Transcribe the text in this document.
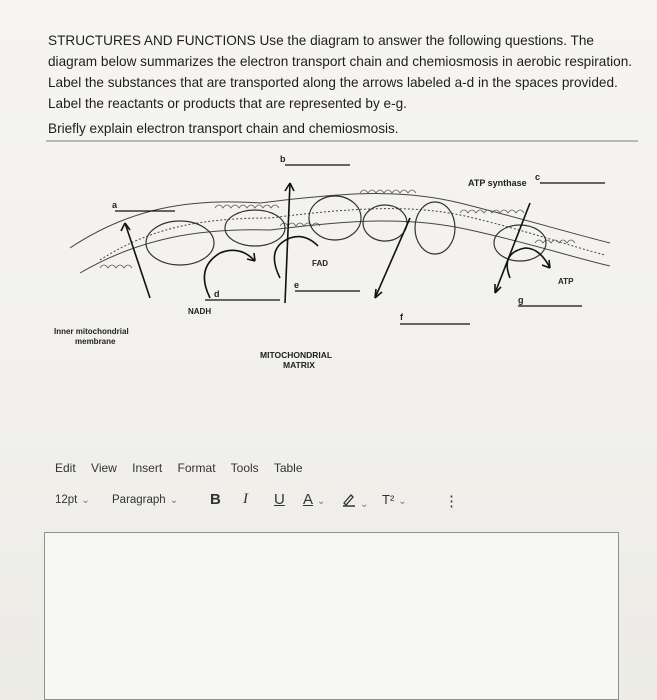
STRUCTURES AND FUNCTIONS Use the diagram to answer the following questions. The

diagram below summarizes the electron transport chain and chemiosmosis in aerobic respiration.

Label the substances that are transported along the arrows labeled a-d in the spaces provided.

Label the reactants or products that are represented by e-g.

Briefly explain electron transport chain and chemiosmosis.
a
b
c
d
e
f
g
ATP synthase
ATP
FAD
NADH
Inner mitochondrial
membrane
MITOCHONDRIAL
MATRIX
Edit View Insert Format Tools Table
12pt ⌄ Paragraph ⌄ B I U A ⌄	⌄ T² ⌄ ⋮
